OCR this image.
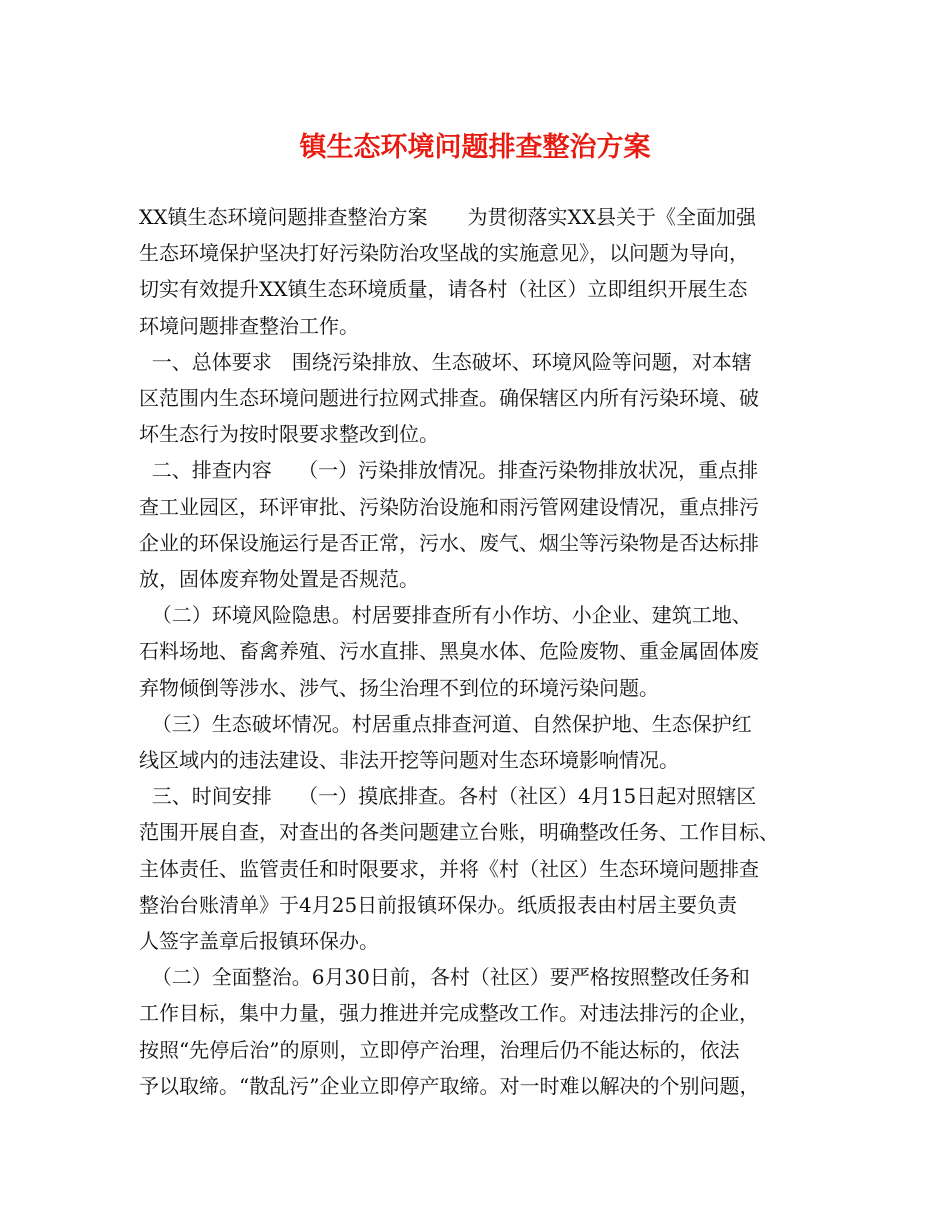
镇生态环境问题排查整治方案

XX镇生态环境问题排查整治方案　　为贯彻落实XX县关于《全面加强

生态环境保护坚决打好污染防治攻坚战的实施意见》，以问题为导向，

切实有效提升XX镇生态环境质量，请各村（社区）立即组织开展生态

环境问题排查整治工作。

一、总体要求　围绕污染排放、生态破坏、环境风险等问题，对本辖

区范围内生态环境问题进行拉网式排查。确保辖区内所有污染环境、破

坏生态行为按时限要求整改到位。

二、排查内容　 （一）污染排放情况。排查污染物排放状况，重点排

查工业园区，环评审批、污染防治设施和雨污管网建设情况，重点排污

企业的环保设施运行是否正常，污水、废气、烟尘等污染物是否达标排

放，固体废弃物处置是否规范。

（二）环境风险隐患。村居要排查所有小作坊、小企业、建筑工地、

石料场地、畜禽养殖、污水直排、黑臭水体、危险废物、重金属固体废

弃物倾倒等涉水、涉气、扬尘治理不到位的环境污染问题。

（三）生态破坏情况。村居重点排查河道、自然保护地、生态保护红

线区域内的违法建设、非法开挖等问题对生态环境影响情况。

三、时间安排　 （一）摸底排查。各村（社区）4月15日起对照辖区

范围开展自查，对查出的各类问题建立台账，明确整改任务、工作目标、

主体责任、监管责任和时限要求，并将《村（社区）生态环境问题排查

整治台账清单》于4月25日前报镇环保办。纸质报表由村居主要负责

人签字盖章后报镇环保办。

（二）全面整治。6月30日前，各村（社区）要严格按照整改任务和

工作目标，集中力量，强力推进并完成整改工作。对违法排污的企业，

按照“先停后治”的原则，立即停产治理，治理后仍不能达标的，依法

予以取缔。“散乱污”企业立即停产取缔。对一时难以解决的个别问题，
